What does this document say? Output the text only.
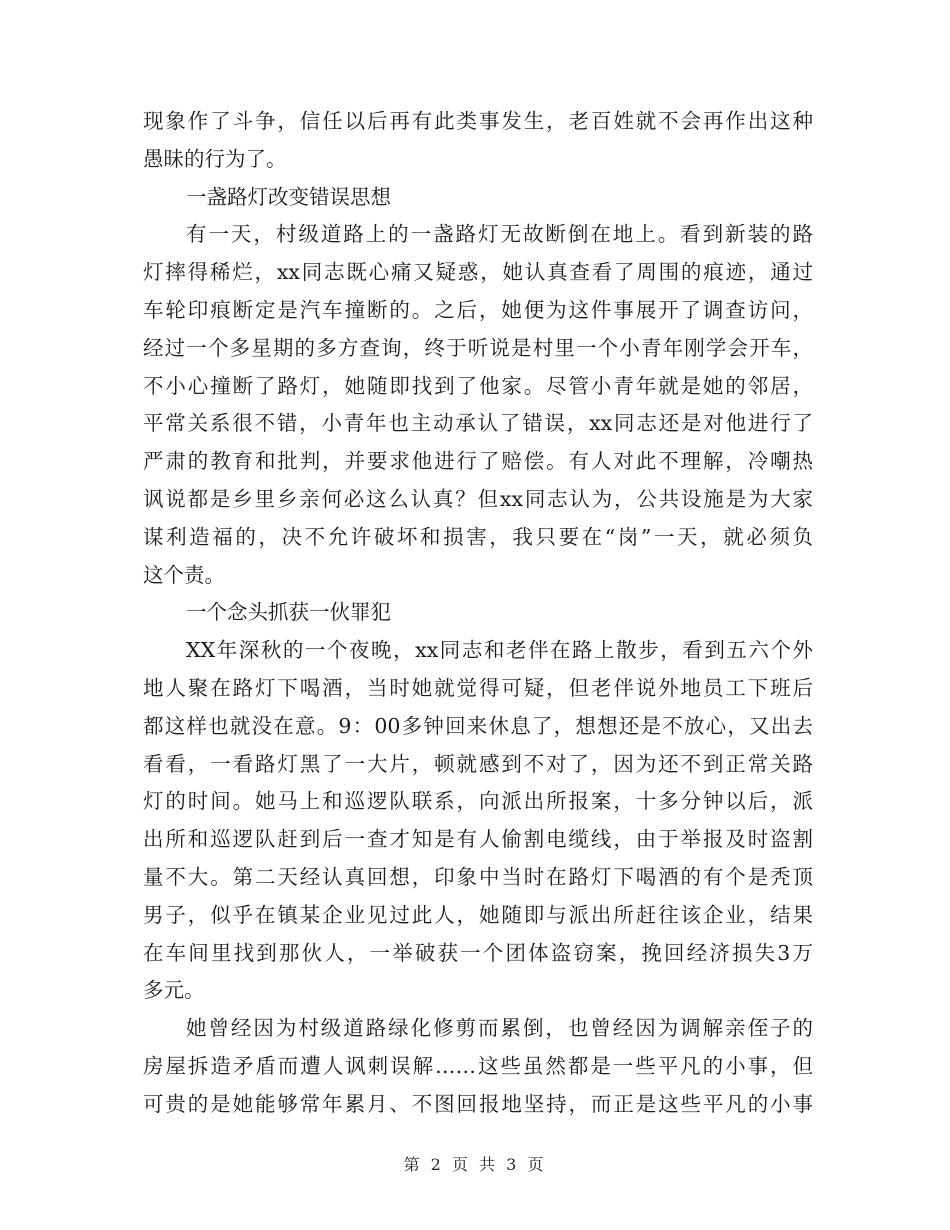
现象作了斗争，信任以后再有此类事发生，老百姓就不会再作出这种
愚昧的行为了。
一盏路灯改变错误思想
有一天，村级道路上的一盏路灯无故断倒在地上。看到新装的路
灯摔得稀烂，xx同志既心痛又疑惑，她认真查看了周围的痕迹，通过
车轮印痕断定是汽车撞断的。之后，她便为这件事展开了调查访问，
经过一个多星期的多方查询，终于听说是村里一个小青年刚学会开车，
不小心撞断了路灯，她随即找到了他家。尽管小青年就是她的邻居，
平常关系很不错，小青年也主动承认了错误，xx同志还是对他进行了
严肃的教育和批判，并要求他进行了赔偿。有人对此不理解，冷嘲热
讽说都是乡里乡亲何必这么认真？但xx同志认为，公共设施是为大家
谋利造福的，决不允许破坏和损害，我只要在“岗”一天，就必须负
这个责。
一个念头抓获一伙罪犯
XX年深秋的一个夜晚，xx同志和老伴在路上散步，看到五六个外
地人聚在路灯下喝酒，当时她就觉得可疑，但老伴说外地员工下班后
都这样也就没在意。9：00多钟回来休息了，想想还是不放心，又出去
看看，一看路灯黑了一大片，顿就感到不对了，因为还不到正常关路
灯的时间。她马上和巡逻队联系，向派出所报案，十多分钟以后，派
出所和巡逻队赶到后一查才知是有人偷割电缆线，由于举报及时盗割
量不大。第二天经认真回想，印象中当时在路灯下喝酒的有个是秃顶
男子，似乎在镇某企业见过此人，她随即与派出所赶往该企业，结果
在车间里找到那伙人，一举破获一个团体盗窃案，挽回经济损失3万
多元。
她曾经因为村级道路绿化修剪而累倒，也曾经因为调解亲侄子的
房屋拆造矛盾而遭人讽刺误解……这些虽然都是一些平凡的小事，但
可贵的是她能够常年累月、不图回报地坚持，而正是这些平凡的小事
第 2 页 共 3 页
